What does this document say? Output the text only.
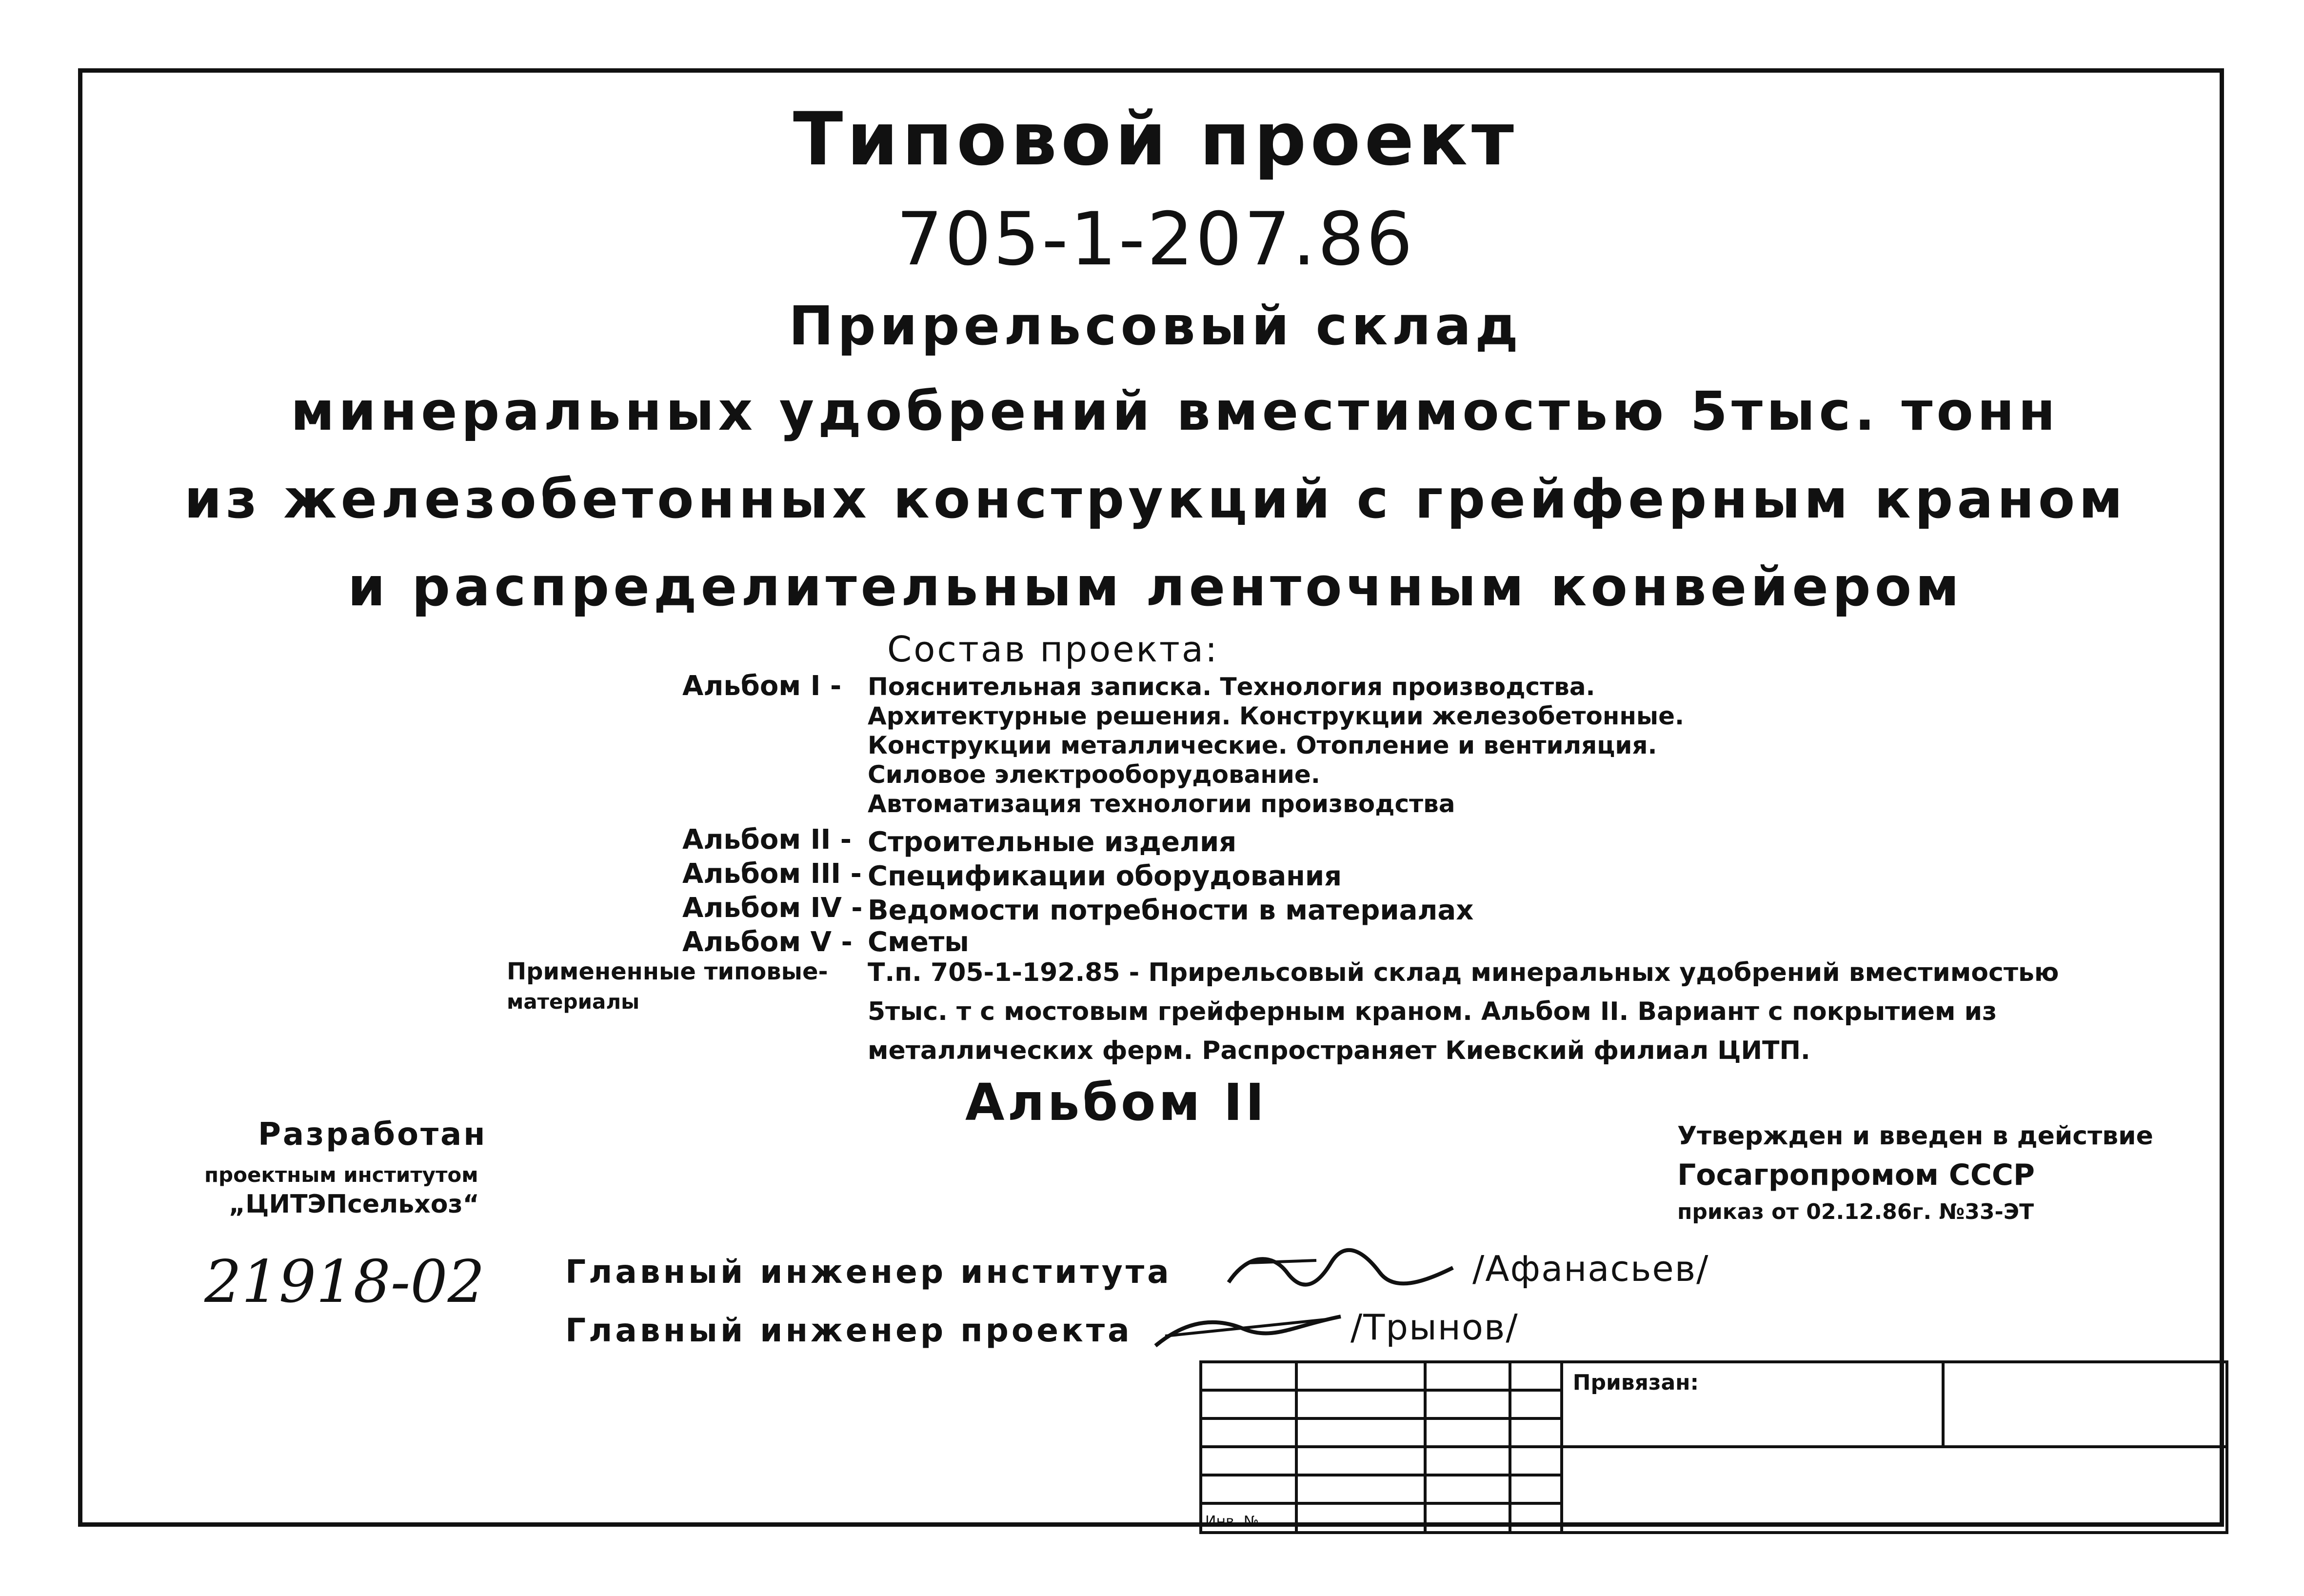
Типовой проект
705-1-207.86
Прирельсовый склад
минеральных удобрений вместимостью 5тыс. тонн
из железобетонных конструкций с грейферным краном
и распределительным ленточным конвейером
Состав проекта:
Альбом I - Пояснительная записка. Технология производства.
Архитектурные решения. Конструкции железобетонные.
Конструкции металлические. Отопление и вентиляция.
Силовое электрооборудование.
Автоматизация технологии производства
Альбом II - Строительные изделия
Альбом III - Спецификации оборудования
Альбом IV - Ведомости потребности в материалах
Альбом V - Сметы
Примененные типовые-
материалы
Т.п. 705-1-192.85 - Прирельсовый склад минеральных удобрений вместимостью
5тыс. т с мостовым грейферным краном. Альбом II. Вариант с покрытием из
металлических ферм. Распространяет Киевский филиал ЦИТП.
Альбом II
Разработан
проектным институтом
„ЦИТЭПсельхоз“
Утвержден и введен в действие
Госагропромом СССР
приказ от 02.12.86г. №33-ЭТ
21918-02	Главный инженер института
Главный инженер проекта
/Афанасьев/
/Трынов/

				Привязан:	

Инв. №					
